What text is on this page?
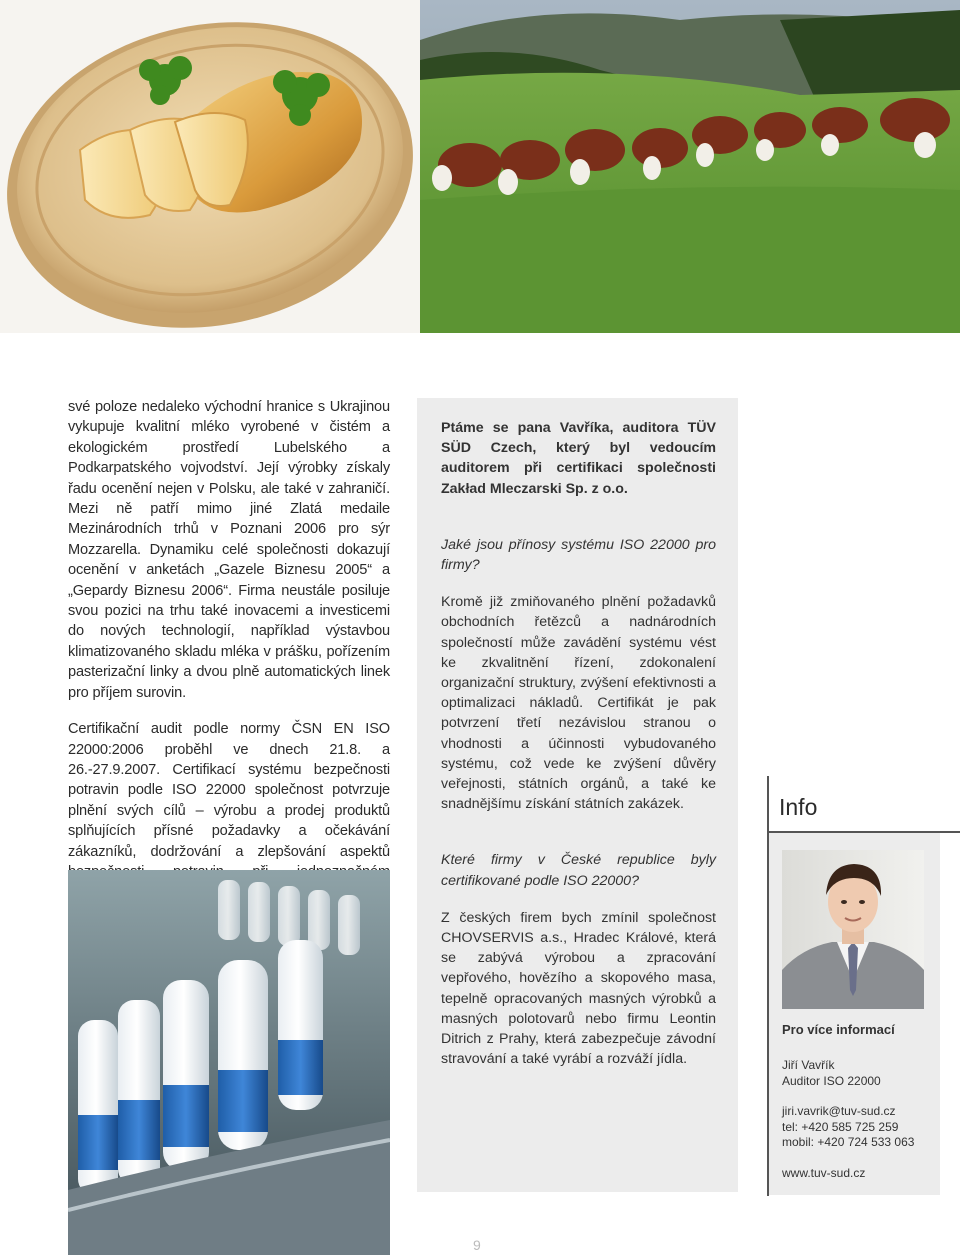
své poloze nedaleko východní hranice s Ukrajinou vykupuje kvalitní mléko vyrobené v čistém a ekologickém prostředí Lubelského a Podkarpatského vojvodství. Její výrobky získaly řadu ocenění nejen v Polsku, ale také v zahraničí. Mezi ně patří mimo jiné Zlatá medaile Mezinárodních trhů v Poznani 2006 pro sýr Mozzarella. Dynamiku celé společnosti dokazují ocenění v anketách „Gazele Biznesu 2005“ a „Gepardy Biznesu 2006“. Firma neustále posiluje svou pozici na trhu také inovacemi a investicemi do nových technologií, například výstavbou klimatizovaného skladu mléka v prášku, pořízením pasterizační linky a dvou plně automatických linek pro příjem surovin.

Certifikační audit podle normy ČSN EN ISO 22000:2006 proběhl ve dnech 21.8. a 26.-27.9.2007. Certifikací systému bezpečnosti potravin podle ISO 22000 společnost potvrzuje plnění svých cílů – výrobu a prodej produktů splňujících přísné požadavky a očekávání zákazníků, dodržování a zlepšování aspektů

Ptáme se pana Vavříka, auditora TÜV SÜD Czech, který byl vedoucím auditorem při certifikaci společnosti Zakład Mleczarski Sp. z o.o.

Jaké jsou přínosy systému ISO 22000 pro firmy?

Kromě již zmiňovaného plnění požadavků obchodních řetězců a nadnárodních společností může zavádění systému vést ke zkvalitnění řízení, zdokonalení organizační struktury, zvýšení efektivnosti a optimalizaci nákladů. Certifikát je pak potvrzení třetí nezávislou stranou o vhodnosti a účinnosti vybudovaného systému, což vede ke zvýšení důvěry veřejnosti, státních orgánů, a také ke snadnějšímu získání státních zakázek.

Které firmy v České republice byly certifikované podle ISO 22000?

Z českých firem bych zmínil společnost CHOVSERVIS a.s., Hradec Králové, která se zabývá výrobou a zpracování vepřového, hovězího a skopového masa, tepelně opracovaných masných výrobků a masných polotovarů nebo firmu Leontin Ditrich z Prahy, která zabezpečuje závodní stravování a také vyrábí a rozváží jídla.

Info
Pro více informací
Jiří Vavřík
Auditor ISO 22000
jiri.vavrik@tuv-sud.cz
tel: +420 585 725 259
mobil: +420 724 533 063
www.tuv-sud.cz
9
